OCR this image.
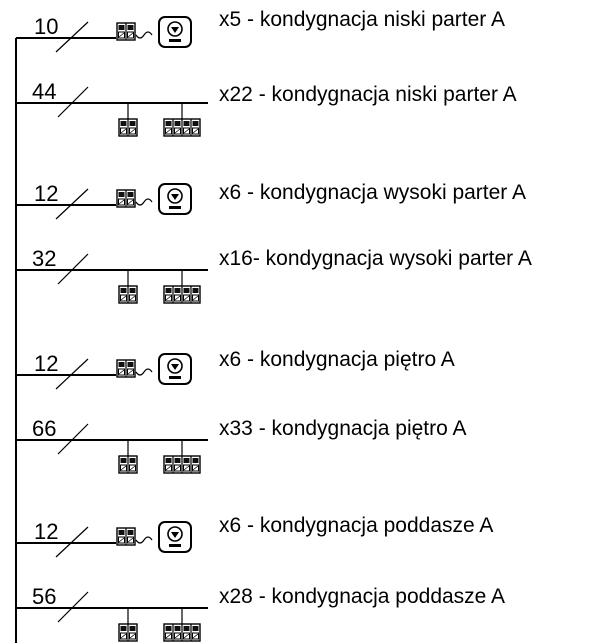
10	x5 - kondygnacja niski parter A
44	x22 - kondygnacja niski parter A
12	x6 - kondygnacja wysoki parter A
32	x16- kondygnacja wysoki parter A
12	x6 - kondygnacja piętro A
66	x33 - kondygnacja piętro A
12	x6 - kondygnacja poddasze A
56	x28 - kondygnacja poddasze A
